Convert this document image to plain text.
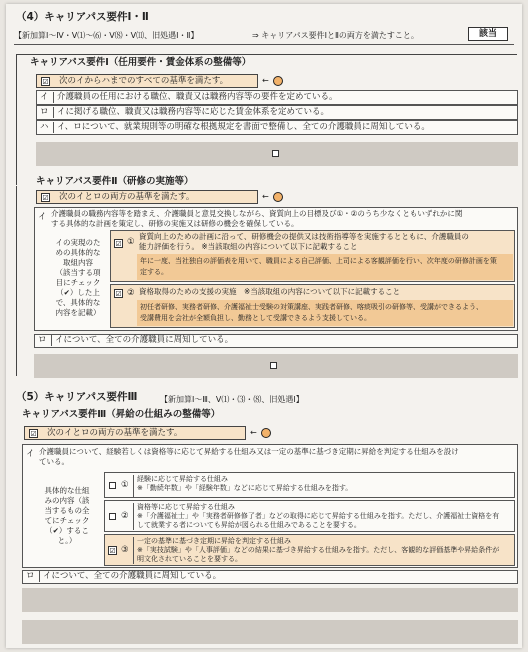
（4）キャリアパス要件Ⅰ・Ⅱ
【新加算Ⅰ～Ⅳ・Ⅴ⑴～⑹・Ⅴ⑻・Ⅴ⑾、旧処遇Ⅰ・Ⅱ】	⇒ キャリアパス要件ⅠとⅡの両方を満たすこと。	該当
キャリアパス要件Ⅰ（任用要件・賃金体系の整備等）
☑ 次のイからハまでのすべての基準を満たす。	←
イ 介護職員の任用における職位、職責又は職務内容等の要件を定めている。
ロ イに掲げる職位、職責又は職務内容等に応じた賃金体系を定めている。
ハ イ、ロについて、就業規則等の明確な根拠規定を書面で整備し、全ての介護職員に周知している。
キャリアパス要件Ⅱ（研修の実施等）
☑ 次のイとロの両方の基準を満たす。	←
イ 介護職員の職務内容等を踏まえ、介護職員と意見交換しながら、資質向上の目標及び①・②のうち少なくともいずれかに関
する具体的な計画を策定し、研修の実施又は研修の機会を確保している。
イの実現のた
めの具体的な
取組内容
（該当する項
目にチェック
（✔）した上
で、具体的な
内容を記載）
☑ ①
資質向上のための計画に沿って、研修機会の提供又は技術指導等を実施するとともに、介護職員の
能力評価を行う。 ※当該取組の内容について以下に記載すること
年に一度、当社独自の評価表を用いて、職員による自己評価、上司による客観評価を行い、次年度の研修計画を策
定する。
☑ ② 資格取得のための支援の実施　※当該取組の内容について以下に記載すること
初任者研修、実務者研修、介護福祉士受験の対策講座、実践者研修、喀痰吸引の研修等、受講ができるよう、
受講費用を会社が全額負担し、勤務として受講できるよう支援している。
ロ イについて、全ての介護職員に周知している。
（5）キャリアパス要件Ⅲ	【新加算Ⅰ～Ⅲ、Ⅴ⑴・⑶・⑻、旧処遇Ⅰ】
キャリアパス要件Ⅲ（昇給の仕組みの整備等）
☑ 次のイとロの両方の基準を満たす。	←
イ 介護職員について、経験若しくは資格等に応じて昇給する仕組み又は一定の基準に基づき定期に昇給を判定する仕組みを設け
ている。
具体的な仕組
みの内容（該
当するもの全
てにチェック
（✔）するこ
と。）
①
経験に応じて昇給する仕組み
※「勤続年数」や「経験年数」などに応じて昇給する仕組みを指す。
②
資格等に応じて昇給する仕組み
※「介護福祉士」や「実務者研修修了者」などの取得に応じて昇給する仕組みを指す。ただし、介護福祉士資格を有
して就業する者についても昇給が図られる仕組みであることを要する。
☑ ③
一定の基準に基づき定期に昇給を判定する仕組み
※「実技試験」や「人事評価」などの結果に基づき昇給する仕組みを指す。ただし、客観的な評価基準や昇給条件が
明文化されていることを要する。
ロ イについて、全ての介護職員に周知している。
